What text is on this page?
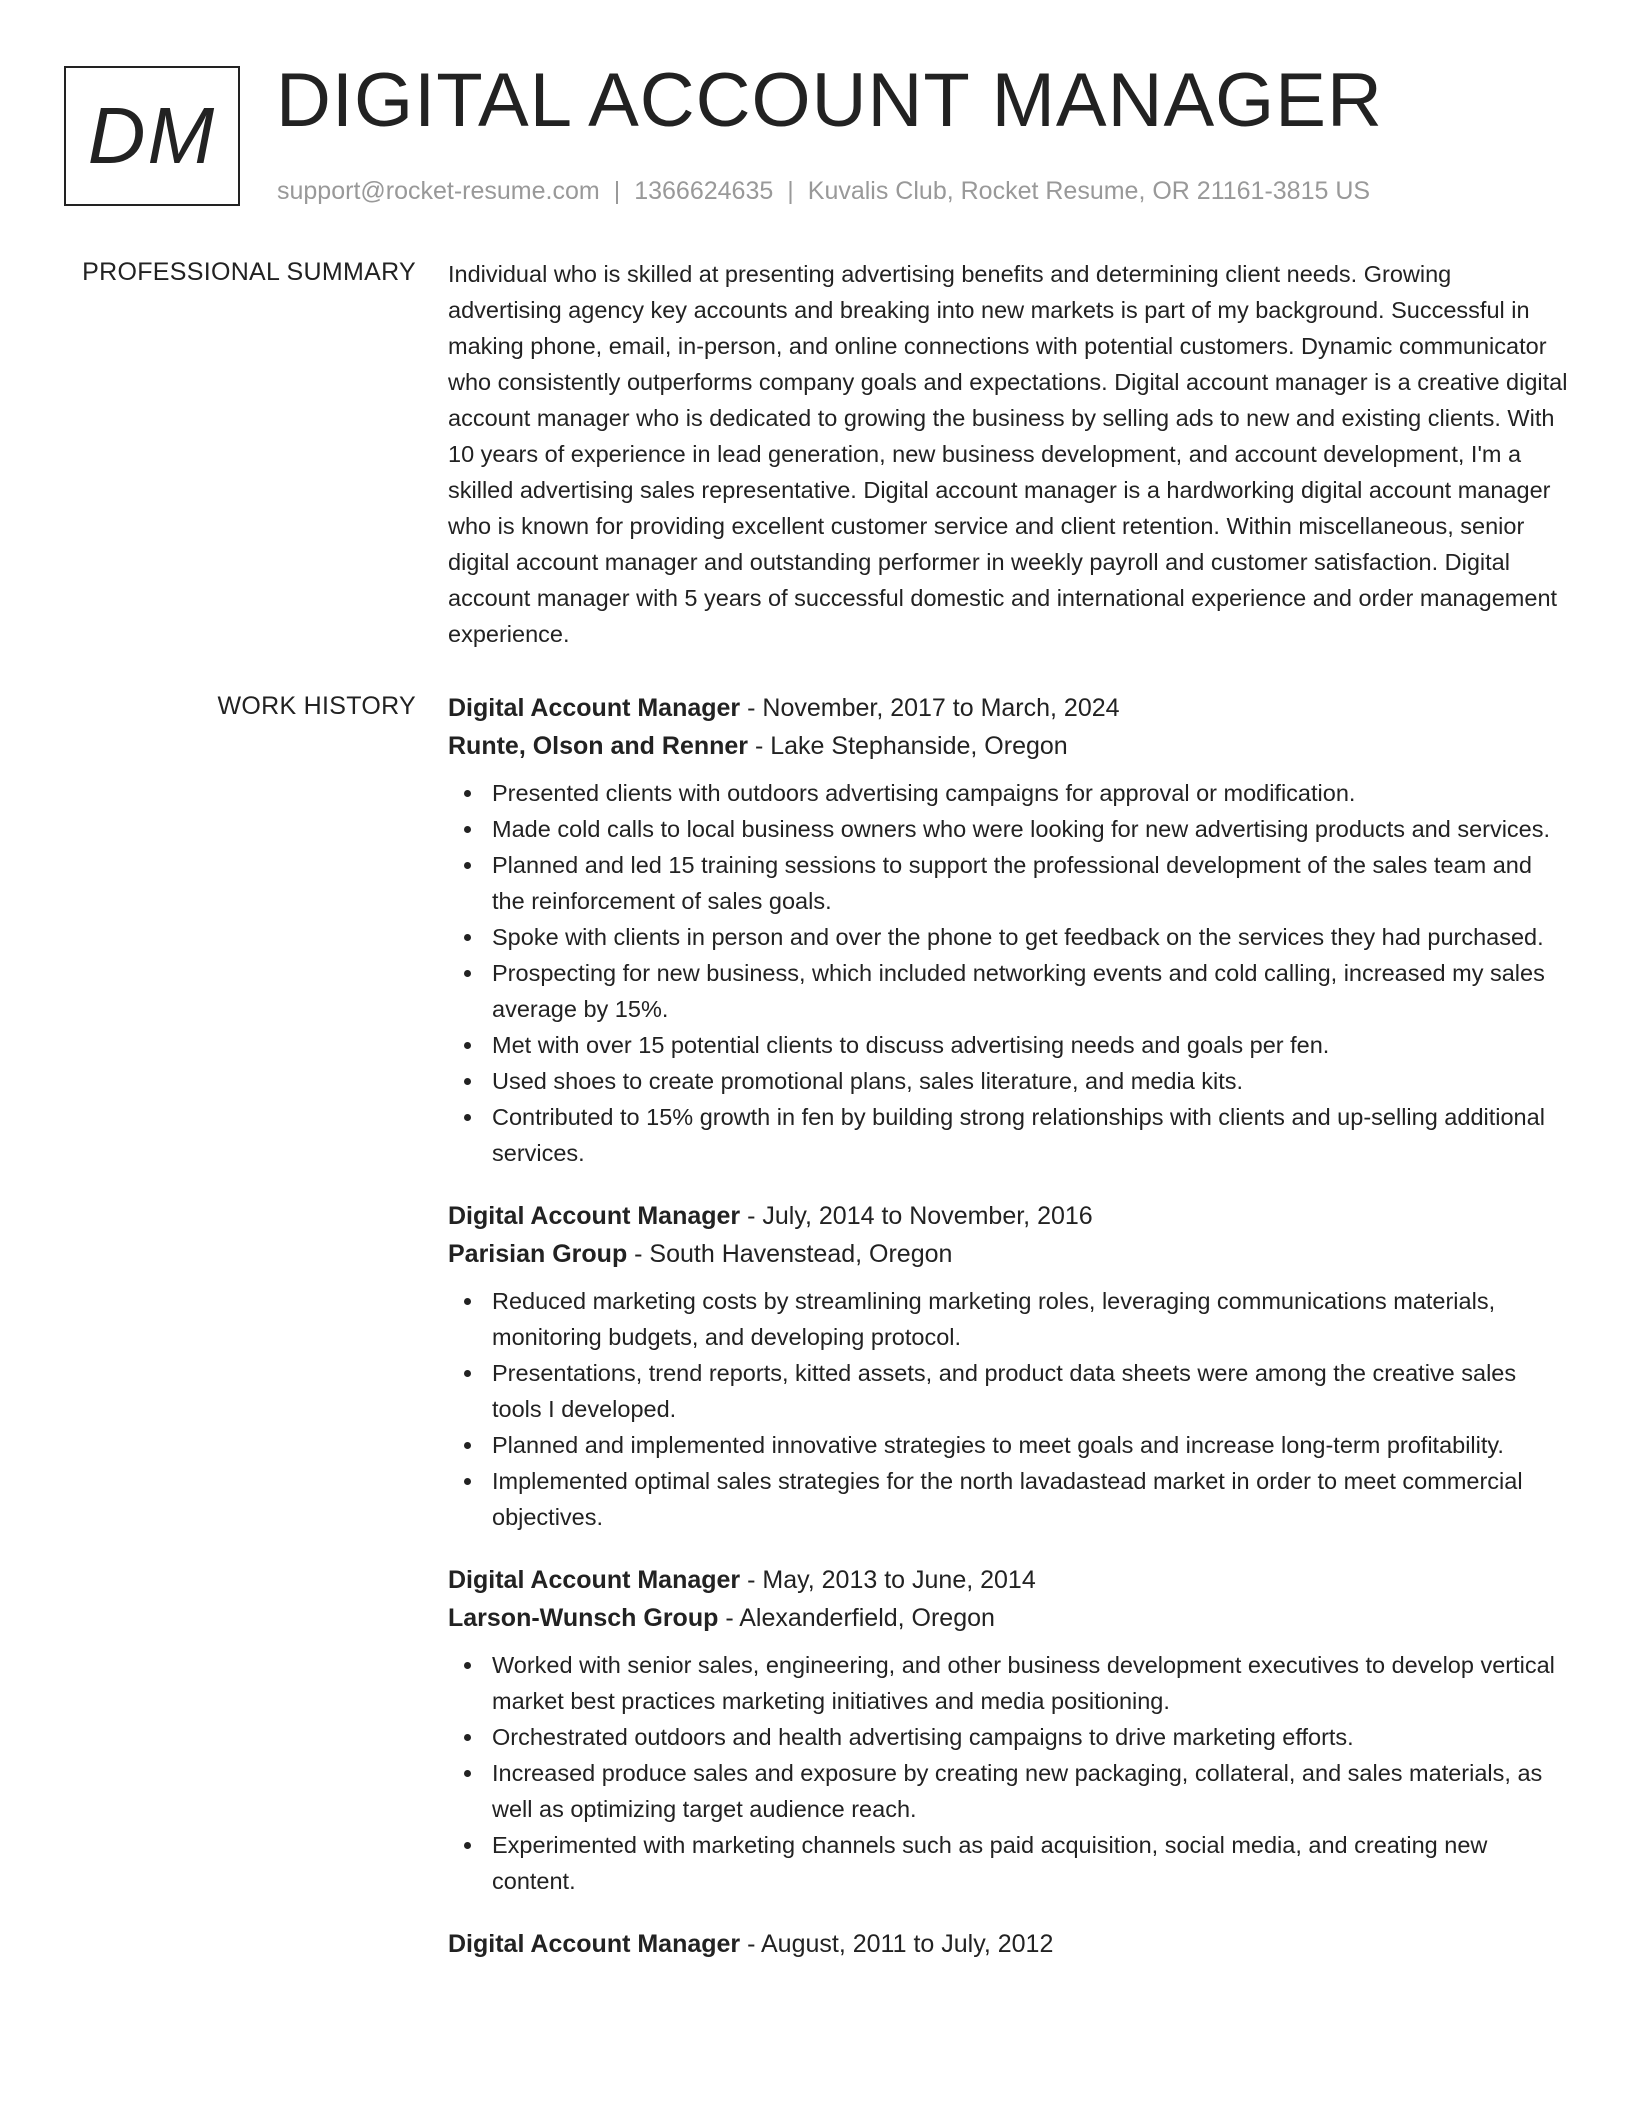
DM DIGITAL ACCOUNT MANAGER
support@rocket-resume.com | 1366624635 | Kuvalis Club, Rocket Resume, OR 21161-3815 US
PROFESSIONAL SUMMARY Individual who is skilled at presenting advertising benefits and determining client needs. Growing advertising agency key accounts and breaking into new markets is part of my background. Successful in making phone, email, in-person, and online connections with potential customers. Dynamic communicator who consistently outperforms company goals and expectations. Digital account manager is a creative digital account manager who is dedicated to growing the business by selling ads to new and existing clients. With 10 years of experience in lead generation, new business development, and account development, I'm a skilled advertising sales representative. Digital account manager is a hardworking digital account manager who is known for providing excellent customer service and client retention. Within miscellaneous, senior digital account manager and outstanding performer in weekly payroll and customer satisfaction. Digital account manager with 5 years of successful domestic and international experience and order management experience.

WORK HISTORY Digital Account Manager - November, 2017 to March, 2024
Runte, Olson and Renner - Lake Stephanside, Oregon
Presented clients with outdoors advertising campaigns for approval or modification.
Made cold calls to local business owners who were looking for new advertising products and services.
Planned and led 15 training sessions to support the professional development of the sales team and the reinforcement of sales goals.
Spoke with clients in person and over the phone to get feedback on the services they had purchased.
Prospecting for new business, which included networking events and cold calling, increased my sales average by 15%.
Met with over 15 potential clients to discuss advertising needs and goals per fen.
Used shoes to create promotional plans, sales literature, and media kits.
Contributed to 15% growth in fen by building strong relationships with clients and up-selling additional services.
Digital Account Manager - July, 2014 to November, 2016
Parisian Group - South Havenstead, Oregon
Reduced marketing costs by streamlining marketing roles, leveraging communications materials, monitoring budgets, and developing protocol.
Presentations, trend reports, kitted assets, and product data sheets were among the creative sales tools I developed.
Planned and implemented innovative strategies to meet goals and increase long-term profitability.
Implemented optimal sales strategies for the north lavadastead market in order to meet commercial objectives.
Digital Account Manager - May, 2013 to June, 2014
Larson-Wunsch Group - Alexanderfield, Oregon
Worked with senior sales, engineering, and other business development executives to develop vertical market best practices marketing initiatives and media positioning.
Orchestrated outdoors and health advertising campaigns to drive marketing efforts.
Increased produce sales and exposure by creating new packaging, collateral, and sales materials, as well as optimizing target audience reach.
Experimented with marketing channels such as paid acquisition, social media, and creating new content.
Digital Account Manager - August, 2011 to July, 2012
